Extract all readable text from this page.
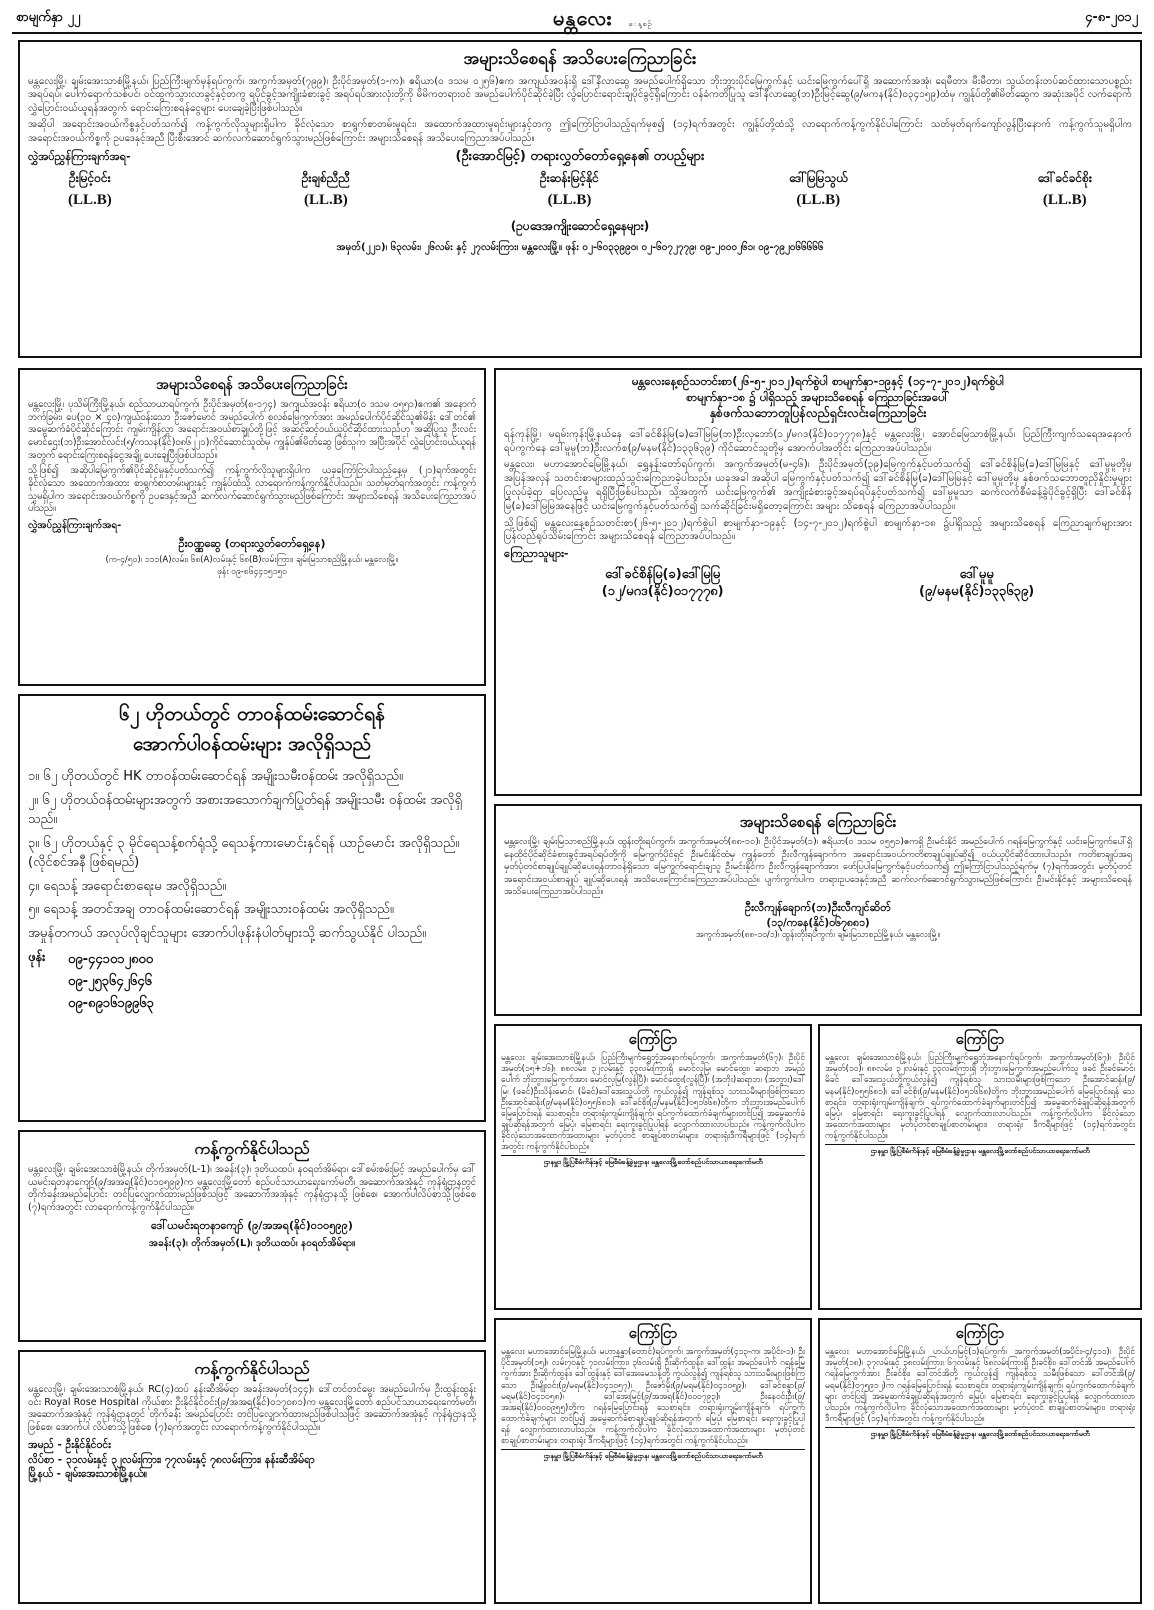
စာမျက်နှာ ၂၂	မန္တလေး ေန့စဥ်	၄-၈-၂၀၁၂
အများသိစေရန် အသိပေးကြေညာခြင်း

မန္တလေးမြို့၊ ချမ်းအေးသာစံမြို့နယ်၊ ပြည်ကြီးမျက်မှန်ရပ်ကွက်၊ အကွက်အမှတ်(၇၉၉)၊ ဦးပိုင်အမှတ်(၁-က)၊ ဧရိယာ(၀ ဒသမ ၀၂၅၆)ဧက အကျယ်အဝန်းရှိ ဒေါ်နီလာဆွေ အမည်ပေါက်ရှိသော ဘိုးဘွားပိုင်မြေကွက်နှင့် ယင်းမြေကွက်ပေါ်ရှိ အဆောက်အအုံ၊ ရေမီတာ၊ မီးမီတာ၊ သွယ်တန်းတပ်ဆင်ထားသောပစ္စည်းအရပ်ရပ်၊ ပေါက်ရောက်သစ်ပင်၊ ဝင်ထွက်သွားလာခွင့်နှင့်တကွ ရပိုင်ခွင့်အကျိုးခံစားခွင့် အရပ်ရပ်အားလုံးတို့ကို မိမိကတရားဝင် အမည်ပေါက်ပိုင်ဆိုင်ခဲ့ပြီး လွဲပြောင်းရောင်းချပိုင်ခွင့်ရှိကြောင်း ဝန်ခံကတိပြုသူ ဒေါ်နီလာဆွေ(ဘ)ဦးမြင့်ဆွေ(၉/မကန(နိုင်)၀၃၄၁၅၉)ထံမှ ကျွန်ုပ်တို့၏မိတ်ဆွေက အဆုံးအပိုင် လက်ရောက်လွှဲပြောင်းဝယ်ယူရန်အတွက် ရောင်းကြေးစရန်ငွေများ ပေးချေခဲ့ပြီးဖြစ်ပါသည်။

အဆိုပါ အရောင်းအဝယ်ကိစ္စနှင့်ပတ်သက်၍ ကန့်ကွက်လိုသူများရှိပါက ခိုင်လုံသော စာရွက်စာတမ်းမူရင်း၊ အထောက်အထားမူရင်းများနှင့်တကွ ဤကြော်ငြာပါသည့်ရက်မှစ၍ (၁၄)ရက်အတွင်း ကျွန်ုပ်တို့ထံသို့ လာရောက်ကန့်ကွက်နိုင်ပါကြောင်း သတ်မှတ်ရက်ကျော်လွန်ပြီးနောက် ကန့်ကွက်သူမရှိပါက အရောင်းအဝယ်ကိစ္စကို ဥပဒေနှင့်အညီ ပြီးစီးအောင် ဆက်လက်ဆောင်ရွက်သွားမည်ဖြစ်ကြောင်း အများသိစေရန် အသိပေးကြေညာအပ်ပါသည်။

လွှဲအပ်ညွှန်ကြားချက်အရ-	(ဦးအောင်မြင့်) တရားလွှတ်တော်ရှေ့နေ၏ တပည့်များ
ဦးမြင့်ဝင်း
(LL.B)
ဦးချစ်ညီညီ
(LL.B)
ဦးဆန်းမြင့်နိုင်
(LL.B)
ဒေါ်မြမြသွယ်
(LL.B)
ဒေါ်ခင်ခင်စိုး
(LL.B)
(ဥပဒေအကျိုးဆောင်ရှေ့နေများ)
အမှတ်(၂၂၁)၊ ၆၃လမ်း၊ ၂၆လမ်း နှင့် ၂၇လမ်းကြား၊ မန္တလေးမြို့။ ဖုန်း ၀၂-၆၀၃၃၉၉၀၊ ၀၂-၆၀၇၂၇၇၉၊ ၀၉-၂၀၀၀၂၆၁၊ ၀၉-၇၉၂၀၆၆၆၆၆
အများသိစေရန် အသိပေးကြေညာခြင်း

မန္တလေးမြို့၊ ပုသိမ်ကြီးမြို့နယ်၊ စည်သာယာရပ်ကွက်၊ ဦးပိုင်အမှတ်(၈-၁၇၄) အကျယ်အဝန်း ဧရိယာ(၀ ဒသမ ၀၅၅၁)ဧက၏ အနောက်ဘက်ခြမ်း၊ ပေ(၃၀ × ၄၀)ကျယ်ဝန်းသော ဦးဇော်မောင် အမည်ပေါက် စလစ်မြေကွက်အား အမည်ပေါက်ပိုင်ဆိုင်သူ၏မိန်း ဒေါ်တင်၏ အမွေဆက်ခံပိုင်ဆိုင်ကြောင်း ကျမ်းကျိန်လွှာ အရောင်းအဝယ်စာချုပ်တို့ဖြင့် အဆင့်ဆင့်ဝယ်ယူပိုင်ဆိုင်ထားသည်ဟု အဆိုပြုသူ ဦးလင်းမောင်ဌေး(ဘ)ဦးအောင်လင်း(၅/ကသန(နိုင်)၀၈၆၂၂၁)ကိုင်ဆောင်သူထံမှ ကျွန်ုပ်၏မိတ်ဆွေ ဖြစ်သူက အပြီးအပိုင် လွှဲပြောင်းဝယ်ယူရန်အတွက် ရောင်းကြေးစရန်ငွေအချို့ ပေးချေပြီးဖြစ်ပါသည်။

သို့ဖြစ်၍ အဆိုပါမြေကွက်၏ပိုင်ဆိုင်မှုနှင့်ပတ်သက်၍ ကန့်ကွက်လိုသူများရှိပါက ယခုကြော်ငြာပါသည့်နေ့မှ (၂၁)ရက်အတွင်း ခိုင်လုံသော အထောက်အထား စာရွက်စာတမ်းများနှင့် ကျွန်ုပ်ထံသို့ လာရောက်ကန့်ကွက်နိုင်ပါသည်။ သတ်မှတ်ရက်အတွင်း ကန့်ကွက်သူမရှိပါက အရောင်းအဝယ်ကိစ္စကို ဥပဒေနှင့်အညီ ဆက်လက်ဆောင်ရွက်သွားမည်ဖြစ်ကြောင်း အများသိစေရန် အသိပေးကြေညာအပ်ပါသည်။

လွှဲအပ်ညွှန်ကြားချက်အရ-
ဦးဝဏ္ဏဆွေ (တရားလွှတ်တော်ရှေ့နေ)
(က-၄/၅၀)၊ ၁၁၁(A)လမ်း၊ ၆၈(A)လမ်းနှင့် ၆၈(B)လမ်းကြား၊ ချမ်းမြသာစည်မြို့နယ်၊ မန္တလေးမြို့။
ဖုန်း ၀၉-၈၆၄၄၁၅၁၅၀
၆၂ ဟိုတယ်တွင် တာဝန်ထမ်းဆောင်ရန်
အောက်ပါဝန်ထမ်းများ အလိုရှိသည်
၁။ ၆၂ ဟိုတယ်တွင် HK တာဝန်ထမ်းဆောင်ရန် အမျိုးသမီးဝန်ထမ်း အလိုရှိသည်။
၂။ ၆၂ ဟိုတယ်ဝန်ထမ်းများအတွက် အစားအသောက်ချက်ပြုတ်ရန် အမျိုးသမီး ဝန်ထမ်း အလိုရှိသည်။
၃။ ၆၂ ဟိုတယ်နှင့် ၃ မိုင်ရေသန့်စက်ရုံသို့ ရေသန့်ကားမောင်းနှင်ရန် ယာဉ်မောင်း အလိုရှိသည်။ (လိုင်စင်အနီ ဖြစ်ရမည်)
၄။ ရေသန့် အရောင်းစာရေးမ အလိုရှိသည်။
၅။ ရေသန့် အတင်အချ တာဝန်ထမ်းဆောင်ရန် အမျိုးသားဝန်ထမ်း အလိုရှိသည်။
အမှုန်တကယ် အလုပ်လိုချင်သူများ အောက်ပါဖုန်းနံပါတ်များသို့ ဆက်သွယ်နိုင် ပါသည်။
ဖုန်း	၀၉-၄၄၁၀၁၂၈၀၀
၀၉-၂၅၃၆၄၂၆၄၆
၀၉-၈၉၁၆၁၉၉၆၃
ကန့်ကွက်နိုင်ပါသည်

မန္တလေးမြို့၊ ချမ်းအေးသာစံမြို့နယ်၊ တိုက်အမှတ်(L-1)၊ အခန်း(၃)၊ ဒုတိယထပ်၊ နဝရတ်အိမ်ရာ၊ ဒေါ်စမ်းစမ်းမြင့် အမည်ပေါက်မှ ဒေါ်ယမင်းရတနာကျော်(၉/အအရ(နိုင်)၀၁၀၅၉၉)က မန္တလေးမြို့တော် စည်ပင်သာယာရေးကော်မတီ၊ အဆောက်အအုံနှင့် ကုန်ရုံဌာနတွင် တိုက်ခန်းအမည်ပြောင်း တင်ပြလျှောက်ထားမည်ဖြစ်သဖြင့် အဆောက်အအုံနှင့် ကုန်ရုံဌာနသို့ ဖြစ်စေ၊ အောက်ပါလိပ်စာသို့ဖြစ်စေ (၇)ရက်အတွင်း လာရောက်ကန့်ကွက်နိုင်ပါသည်။

ဒေါ်ယမင်းရတနာကျော် (၉/အအရ(နိုင်)၀၁၀၅၉၉)
အခန်း(၃)၊ တိုက်အမှတ်(L)၊ ဒုတိယထပ်၊ နဝရတ်အိမ်ရာ။
ကန့်ကွက်နိုင်ပါသည်

မန္တလေးမြို့၊ ချမ်းအေးသာစံမြို့နယ်၊ RC(၄)ထပ် နန်းဆီအိမ်ရာ အခန်းအမှတ်(၁၄၄)၊ ဒေါ်တင်တင်မွေး အမည်ပေါက်မှ ဦးထွန်းထွန်းဝင်း Royal Rose Hospital ကိုယ်စား ဦးနိုင်နိုင်ဝင်း(၉/အအရ(နိုင်)၀၁၇၀၈၁)က မန္တလေးမြို့တော် စည်ပင်သာယာရေးကော်မတီ၊ အဆောက်အအုံနှင့် ကုန်ရုံဌာနတွင် တိုက်ခန်း အမည်ပြောင်း တင်ပြလျှောက်ထားမည်ဖြစ်ပါသဖြင့် အဆောက်အအုံနှင့် ကုန်ရုံဌာနသို့ဖြစ်စေ၊ အောက်ပါ လိပ်စာသို့ဖြစ်စေ (၇)ရက်အတွင်း လာရောက်ကန့်ကွက်နိုင်ပါသည်။

အမည် - ဦးနိုင်နိုင်ဝင်း
လိပ်စာ - ၃၁လမ်းနှင့် ၃၂လမ်းကြား၊ ၇၇လမ်းနှင့် ၇၈လမ်းကြား၊ နန်းဆီအိမ်ရာ
မြို့နယ် - ချမ်းအေးသာစံမြို့နယ်။
မန္တလေးနေ့စဉ်သတင်းစာ(၂၆-၅-၂၀၁၂)ရက်စွဲပါ စာမျက်နှာ-၁၉နှင့် (၁၄-၇-၂၀၁၂)ရက်စွဲပါ
စာမျက်နှာ-၁၈ ၌ ပါရှိသည့် အများသိစေရန် ကြေညာခြင်းအပေါ်
နှစ်ဖက်သဘောတူပြန်လည်ရှင်းလင်းကြေညာခြင်း

ရန်ကုန်မြို့၊ မရမ်းကုန်းမြို့နယ်နေ ဒေါ်ခင်စိန်မြ(ခ)ဒေါ်မြမြ(ဘ)ဦးလှဘော်(၁၂/မဂဒ(နိုင်)၀၁၇၇၇၈)နှင့် မန္တလေးမြို့၊ အောင်မြေသာစံမြို့နယ်၊ ပြည်ကြီးကျက်သရေအနောက်ရပ်ကွက်နေ ဒေါ်မူမူ(ဘ)ဦးလက်စ(၉/မနမ(နိုင်)၁၃၃၆၃၉) ကိုင်ဆောင်သူတို့မှ အောက်ပါအတိုင်း ကြေညာအပ်ပါသည်။

မန္တလေး၊ မဟာအောင်မြေမြို့နယ်၊ ရွှေနန်းတော်ရပ်ကွက်၊ အကွက်အမှတ်(မ-၄၆)၊ ဦးပိုင်အမှတ်(၃၉)မြေကွက်နှင့်ပတ်သက်၍ ဒေါ်ခင်စိန်မြ(ခ)ဒေါ်မြမြနှင့် ဒေါ်မူမူတို့မှ အပြန်အလှန် သတင်းစာများထည့်သွင်းကြေညာခဲ့ပါသည်။ ယခုအခါ အဆိုပါ မြေကွက်နှင့်ပတ်သက်၍ ဒေါ်ခင်စိန်မြ(ခ)ဒေါ်မြမြနှင့် ဒေါ်မူမူတို့မှ နှစ်ဖက်သဘောတူညှိနှိုင်းမှုများပြုလုပ်ခဲ့ရာ ပြေလည်မှု ရရှိပြီးဖြစ်ပါသည်။ သို့အတွက် ယင်းမြေကွက်၏ အကျိုးခံစားခွင့်အရပ်ရပ်နှင့်ပတ်သက်၍ ဒေါ်မူမူသာ ဆက်လက်စီမံခန့်ခွဲပိုင်ခွင့်ရှိပြီး ဒေါ်ခင်စိန်မြ(ခ)ဒေါ်မြမြအနေဖြင့် ယင်းမြေကွက်နှင့်ပတ်သက်၍ သက်ဆိုင်ခြင်းမရှိတော့ကြောင်း အများ သိစေရန် ကြေညာအပ်ပါသည်။

သို့ဖြစ်၍ မန္တလေးနေ့စဉ်သတင်းစာ(၂၆-၅-၂၀၁၂)ရက်စွဲပါ စာမျက်နှာ-၁၉နှင့် (၁၄-၇-၂၀၁၂)ရက်စွဲပါ စာမျက်နှာ-၁၈ ၌ပါရှိသည့် အများသိစေရန် ကြေညာချက်များအား ပြန်လည်ရုပ်သိမ်းကြောင်း အများသိစေရန် ကြေညာအပ်ပါသည်။

ကြေညာသူများ-
ဒေါ်ခင်စိန်မြ(ခ)ဒေါ်မြမြ
(၁၂/မဂဒ(နိုင်)၀၁၇၇၇၈)
ဒေါ်မူမူ
(၉/မနမ(နိုင်)၁၃၃၆၃၉)
အများသိစေရန် ကြေညာခြင်း

မန္တလေးမြို့၊ ချမ်းမြသာစည်မြို့နယ်၊ ထွန်းတိုးရပ်ကွက်၊ အကွက်အမှတ်(၈၈-၁၀)၊ ဦးပိုင်အမှတ်(၁)၊ ဧရိယာ(၀ ဒသမ ၀၅၅၁)ဧကရှိ ဦးမင်းနိုင် အမည်ပေါက် ဂရန်မြေကွက်နှင့် ယင်းမြေကွက်ပေါ်ရှိ နေထိုင်ပိုင်ဆိုင်ခံစားခွင့်အရပ်ရပ်တို့ကို မြေကွက်ပိုင်ရှင် ဦးမင်းနိုင်ထံမှ ကျွန်တော် ဦးလီကျန်ချောက်က အရောင်းအဝယ်ကတိစာချုပ်ချုပ်ဆို၍ ဝယ်ယူပိုင်ဆိုင်ထားပါသည်။ ကတိစာချုပ်အရ မှတ်ပုံတင်စာချုပ်ချုပ်ဆိုပေးရန်တာဝန်ရှိသော မြေကွက်ရောင်းချသူ ဦးမင်းနိုင်က ဦးလီကျန်ချောက်အား ဖော်ပြပါမြေကွက်နှင့်ပတ်သက်၍ ဤကြော်ငြာပါသည့်ရက်မှ (၇)ရက်အတွင်း မှတ်ပုံတင်အရောင်းအဝယ်စာချုပ် ချုပ်ဆိုပေးရန် အသိပေးကြောင်းကြေညာအပ်ပါသည်။ ပျက်ကွက်ပါက တရားဥပဒေနှင့်အညီ ဆက်လက်ဆောင်ရွက်သွားမည်ဖြစ်ကြောင်း ဦးမင်းနိုင်နှင့် အများသိစေရန် အသိပေးကြေညာအပ်ပါသည်။

ဦးလီကျန်ချောက်(ဘ)ဦးလီကျင်ဆိတ်
(၁၃/ကခန(နိုင်)၀၆၇၈၈၁)
အကွက်အမှတ်(၈၈-၁၀/၁)၊ ထွန်းတိုးရပ်ကွက်၊ ချမ်းမြသာစည်မြို့နယ်၊ မန္တလေးမြို့။
ကြော်ငြာ
မန္တလေး ချမ်းအေးသာစံမြို့နယ်၊ ပြည်ကြီးမျက်ရွှေဘုံအနောက်ရပ်ကွက်၊ အကွက်အမှတ်(၆၇)၊ ဦးပိုင်အမှတ်(၁၅+၁၆)၊ ၈၈လမ်း၊ ၃၂လမ်းနှင့် ၃၃လမ်းကြားရှိ မောင်လှမြ၊ မောင်ထွေး၊ ဆရာဘ အမည်ပေါက် ဘိုးဘွားမြေကွက်အား မောင်လှမြ(လွန်ပြီ)၊ မောင်ထွေး(လွန်ပြီ)၊ (အဘိုး)ဆရာဘ၊ (အဘွား)ဒေါ်မြ၊ (ဖခင်)ဦးသိန်းမောင်၊ (မိခင်)ဒေါ်အေးသွယ်တို့ ကွယ်လွန်၍ ကျန်ရစ်သူ သားသမီးများဖြစ်ကြသော ဦးအောင်ဆန်း(၉/မနမ(နိုင်)၀၅၅၆၈၁)၊ ဒေါ်ခင်စိုး(၉/မနမ(နိုင်)၀၅၁၆၆၈)တို့က ဘိုးဘွားအမည်ပေါက်မြေပြောင်းရန် သေစာရင်း၊ တရားရုံးကျမ်းကျိန်ချက်၊ ရပ်ကွက်ထောက်ခံချက်များတင်ပြ၍ အမွေဆက်ခံချုပ်ဆိုရန်အတွက် မြေပုံ၊ မြေစာရင်း ရေးကူးခွင့်ပြုပါရန် လျှောက်ထားလာပါသည်။ ကန့်ကွက်လိုပါက ခိုင်လုံသောအထောက်အထားများ မှတ်ပုံတင် စာချုပ်စာတမ်းများ၊ တရားရုံးဒီကရီများဖြင့် (၁၄)ရက်အတွင်း ကန့်ကွက်နိုင်ပါသည်။
ဌာနမှူး၊ မြို့ပြစီမံကိန်းနှင့် မြေစီမံခန့်ခွဲမှုဌာန၊ မန္တလေးမြို့တော်စည်ပင်သာယာရေးကော်မတီ
ကြော်ငြာ
မန္တလေး ချမ်းအေးသာစံမြို့နယ်၊ ပြည်ကြီးမျက်ရွှေဘုံအနောက်ရပ်ကွက်၊ အကွက်အမှတ်(၆၇)၊ ဦးပိုင်အမှတ်(၁၀)၊ ၈၈လမ်း၊ ၃၂လမ်းနှင့် ၃၃လမ်းကြားရှိ ဘိုးဘွားမြေကွက်အမည်ပေါက်သူ ဖခင် ဦးခင်မောင်၊ မိခင် ဒေါ်အေးသွယ်တို့ကွယ်လွန်၍ ကျန်ရစ်သူ သားသမီးများဖြစ်ကြသော ဦးအောင်ဆန်း(၉/မနမ(နိုင်)၀၅၅၆၈၁)၊ ဒေါ်ခင်စိုး(၉/မနမ(နိုင်)၀၅၁၆၆၈)တို့က ဘိုးဘွားအမည်ပေါက် မြေပြောင်းရန် သေစာရင်း၊ တရားရုံးကျမ်းကျိန်ချက်၊ ရပ်ကွက်ထောက်ခံချက်များတင်ပြ၍ အမွေဆက်ခံချုပ်ဆိုရန်အတွက် မြေပုံ၊ မြေစာရင်း ရေးကူးခွင့်ပြုပါရန် လျှောက်ထားလာပါသည်။ ကန့်ကွက်လိုပါက ခိုင်လုံသောအထောက်အထားများ မှတ်ပုံတင်စာချုပ်စာတမ်းများ၊ တရားရုံး ဒီကရီများဖြင့် (၁၄)ရက်အတွင်း ကန့်ကွက်နိုင်ပါသည်။
ဌာနမှူး၊ မြို့ပြစီမံကိန်းနှင့် မြေစီမံခန့်ခွဲမှုဌာန၊ မန္တလေးမြို့တော်စည်ပင်သာယာရေးကော်မတီ
ကြော်ငြာ
မန္တလေး မဟာအောင်မြေမြို့နယ်၊ မဟာနန္ဒာ(တောင်)ရပ်ကွက်၊ အကွက်အမှတ်(၄၁၃-က၊ အပိုင်း-၁)၊ ဦးပိုင်အမှတ်(၁၅)၊ လမ်း၇၀နှင့် ၇၁လမ်းကြား၊ ၃၆လမ်းရှိ ဦးဆိုက်ထွန်း၊ ဒေါ်ထွန်း အမည်ပေါက် ဂရန်မြေကွက်အား ဦးဆိုက်ထွန်း၊ ဒေါ်ထွန်းနှင့် ဒေါ်အေးမေသန့်တို့ ကွယ်လွန်၍ ကျန်ရစ်သူ သားသမီးများဖြစ်ကြသော ဦးမျိုးဝင်း(၉/မရမ(နိုင်)၀၄၁၀၅၇)၊ ဦးဇော်မိုး(၉/မရမ(နိုင်)၀၄၁၀၅၉)၊ ဒေါ်ခင်စန္ဒာ(၉/မရမ(နိုင်)၀၄၁၀၅၈)၊ ဒေါ်အေးမြင့်(၉/အအရ(နိုင်)၀၀၀၇၉၃)၊ ဦးနေဝင်းဦး(၉/အအရ(နိုင်)၀၀၀၉၅၅)တို့က ဂရန်မြေပြောင်းရန် သေစာရင်း၊ တရားရုံးကျမ်းကျိန်ချက်၊ ရပ်ကွက်ထောက်ခံချက်များ တင်ပြ၍ အမွေဆက်ခံစာချုပ်ချုပ်ဆိုရန်အတွက် မြေပုံ၊ မြေစာရင်း ရေးကူးခွင့်ပြုပါရန် လျှောက်ထားလာပါသည်။ ကန့်ကွက်လိုပါက ခိုင်လုံသောအထောက်အထားများ မှတ်ပုံတင် စာချုပ်စာတမ်းများ၊ တရားရုံး ဒီကရီများဖြင့် (၁၄)ရက်အတွင်း ကန့်ကွက်နိုင်ပါသည်။
ဌာနမှူး၊ မြို့ပြစီမံကိန်းနှင့် မြေစီမံခန့်ခွဲမှုဌာန၊ မန္တလေးမြို့တော်စည်ပင်သာယာရေးကော်မတီ
ကြော်ငြာ
မန္တလေး မဟာအောင်မြေမြို့နယ်၊ ဟယ်ဟမြင့်(၁)ရပ်ကွက်၊ အကွက်အမှတ်(အပိုင်း-၄/၄၁၁)၊ ဦးပိုင်အမှတ်(၁၈)၊ ၃၇လမ်းနှင့် ၃၈လမ်းကြား၊ ၆၇လမ်းနှင့် ၆၈လမ်းကြားရှိ ဦးခင်စိုး၊ ဒေါ်တင်အိ အမည်ပေါက် ဂရန်မြေကွက်အား ဦးခင်စိုး၊ ဒေါ်တင်အိတို့ ကွယ်လွန်၍ ကျန်ရစ်သူ သမီးဖြစ်သော ဒေါ်တင်အိ(၉/မရမ(နိုင်)၀၇၅၉၁၂)က ဂရန်မြေပြောင်းရန် သေစာရင်း၊ တရားရုံးကျမ်းကျိန်ချက်၊ ရပ်ကွက်ထောက်ခံချက်များ တင်ပြ၍ အမွေဆက်ခံချုပ်ဆိုရန်အတွက် မြေပုံ၊ မြေစာရင်း ရေးကူးခွင့်ပြုပါရန် လျှောက်ထားလာပါသည်။ ကန့်ကွက်လိုပါက ခိုင်လုံသောအထောက်အထားများ မှတ်ပုံတင် စာချုပ်စာတမ်းများ၊ တရားရုံး ဒီကရီများဖြင့် (၁၄)ရက်အတွင်း ကန့်ကွက်နိုင်ပါသည်။
ဌာနမှူး၊ မြို့ပြစီမံကိန်းနှင့် မြေစီမံခန့်ခွဲမှုဌာန၊ မန္တလေးမြို့တော်စည်ပင်သာယာရေးကော်မတီ
